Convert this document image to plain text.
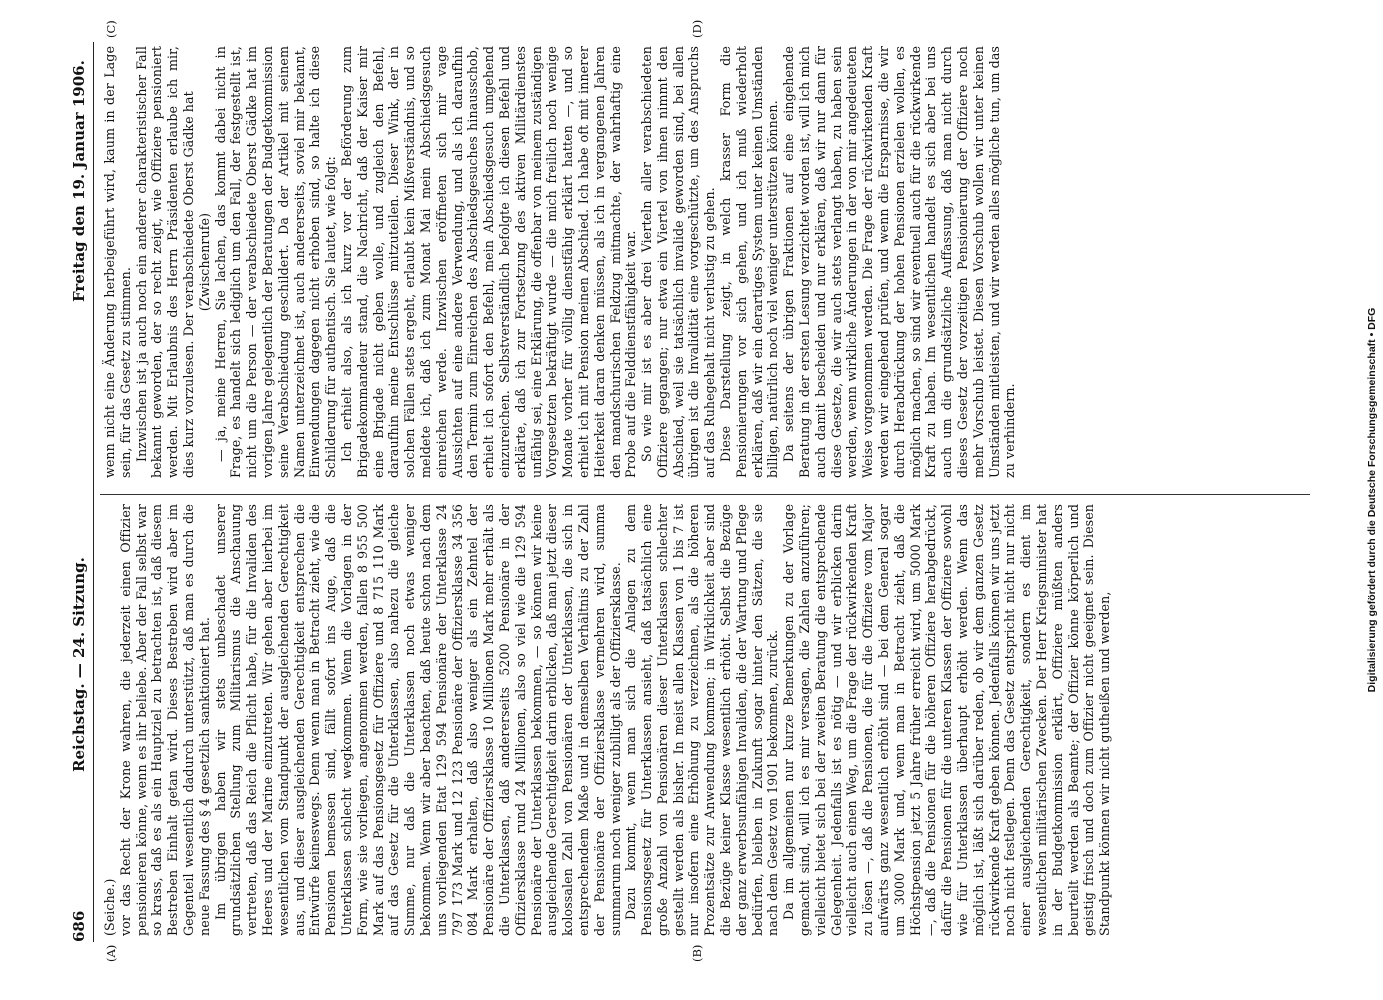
686
Reichstag. — 24. Sitzung.
Freitag den 19. Januar 1906.
(A)	(B)
(C)	(D)

(Seiche.) vor das Recht der Krone wahren, die jederzeit einen Offizier pensionieren könne, wenn es ihr beliebe. Aber der Fall selbst war so krass, daß es als ein Hauptziel zu betrachten ist, daß diesem Bestreben Einhalt getan wird. Dieses Bestreben wird aber im Gegenteil wesentlich dadurch unterstützt, daß man es durch die neue Fassung des § 4 gesetzlich sanktioniert hat. Im übrigen haben wir stets unbeschadet unserer grundsätzlichen Stellung zum Militarismus die Anschauung vertreten, daß das Reich die Pflicht habe, für die Invaliden des Heeres und der Marine einzutreten. Wir gehen aber hierbei im wesentlichen vom Standpunkt der ausgleichenden Gerechtigkeit aus, und dieser ausgleichenden Gerechtigkeit entsprechen die Entwürfe keineswegs. Denn wenn man in Betracht zieht, wie die Pensionen bemessen sind, fällt sofort ins Auge, daß die Unterklassen schlecht wegkommen. Wenn die Vorlagen in der Form, wie sie vorliegen, angenommen werden, fallen 8 955 500 Mark auf das Pensionsgesetz für Offiziere und 8 715 110 Mark auf das Gesetz für die Unterklassen, also nahezu die gleiche Summe, nur daß die Unterklassen noch etwas weniger bekommen. Wenn wir aber beachten, daß heute schon nach dem uns vorliegenden Etat 129 594 Pensionäre der Unterklasse 24 797 173 Mark und 12 123 Pensionäre der Offiziersklasse 34 356 084 Mark erhalten, daß also weniger als ein Zehntel der Pensionäre der Offiziersklasse 10 Millionen Mark mehr erhält als die Unterklassen, daß andererseits 5200 Pensionäre in der Offiziersklasse rund 24 Millionen, also so viel wie die 129 594 Pensionäre der Unterklassen bekommen, — so können wir keine ausgleichende Gerechtigkeit darin erblicken, daß man jetzt dieser kolossalen Zahl von Pensionären der Unterklassen, die sich in entsprechendem Maße und in demselben Verhältnis zu der Zahl der Pensionäre der Offiziersklasse vermehren wird, summa summarum noch weniger zubilligt als der Offiziersklasse. Dazu kommt, wenn man sich die Anlagen zu dem Pensionsgesetz für Unterklassen ansieht, daß tatsächlich eine große Anzahl von Pensionären dieser Unterklassen schlechter gestellt werden als bisher. In meist allen Klassen von 1 bis 7 ist nur insofern eine Erhöhung zu verzeichnen, als die höheren Prozentsätze zur Anwendung kommen; in Wirklichkeit aber sind die Bezüge keiner Klasse wesentlich erhöht. Selbst die Bezüge der ganz erwerbsunfähigen Invaliden, die der Wartung und Pflege bedürfen, bleiben in Zukunft sogar hinter den Sätzen, die sie nach dem Gesetz von 1901 bekommen, zurück. Da im allgemeinen nur kurze Bemerkungen zu der Vorlage gemacht sind, will ich es mir versagen, die Zahlen anzuführen; vielleicht bietet sich bei der zweiten Beratung die entsprechende Gelegenheit. Jedenfalls ist es nötig — und wir erblicken darin vielleicht auch einen Weg, um die Frage der rückwirkenden Kraft zu lösen —, daß die Pensionen, die für die Offiziere vom Major aufwärts ganz wesentlich erhöht sind — bei dem General sogar um 3000 Mark und, wenn man in Betracht zieht, daß die Höchstpension jetzt 5 Jahre früher erreicht wird, um 5000 Mark —, daß die Pensionen für die höheren Offiziere herabgedrückt, dafür die Pensionen für die unteren Klassen der Offiziere sowohl wie für Unterklassen überhaupt erhöht werden. Wenn das möglich ist, läßt sich darüber reden, ob wir dem ganzen Gesetz rückwirkende Kraft geben können. Jedenfalls können wir uns jetzt noch nicht festlegen. Denn das Gesetz entspricht nicht nur nicht einer ausgleichenden Gerechtigkeit, sondern es dient im wesentlichen militärischen Zwecken. Der Herr Kriegsminister hat in der Budgetkommission erklärt, Offiziere müßten anders beurteilt werden als Beamte; der Offizier könne körperlich und geistig frisch und doch zum Offizier nicht geeignet sein. Diesen Standpunkt können wir nicht gutheißen und werden,

wenn nicht eine Änderung herbeigeführt wird, kaum in der Lage sein, für das Gesetz zu stimmen. Inzwischen ist ja auch noch ein anderer charakteristischer Fall bekannt geworden, der so recht zeigt, wie Offiziere pensioniert werden. Mit Erlaubnis des Herrn Präsidenten erlaube ich mir, dies kurz vorzulesen. Der verabschiedete Oberst Gädke hat (Zwischenrufe) — ja, meine Herren, Sie lachen, das kommt dabei nicht in Frage, es handelt sich lediglich um den Fall, der festgestellt ist, nicht um die Person — der verabschiedete Oberst Gädke hat im vorigen Jahre gelegentlich der Beratungen der Budgetkommission seine Verabschiedung geschildert. Da der Artikel mit seinem Namen unterzeichnet ist, auch andererseits, soviel mir bekannt, Einwendungen dagegen nicht erhoben sind, so halte ich diese Schilderung für authentisch. Sie lautet, wie folgt: Ich erhielt also, als ich kurz vor der Beförderung zum Brigadekommandeur stand, die Nachricht, daß der Kaiser mir eine Brigade nicht geben wolle, und zugleich den Befehl, daraufhin meine Entschlüsse mitzuteilen. Dieser Wink, der in solchen Fällen stets ergeht, erlaubt kein Mißverständnis, und so meldete ich, daß ich zum Monat Mai mein Abschiedsgesuch einreichen werde. Inzwischen eröffneten sich mir vage Aussichten auf eine andere Verwendung, und als ich daraufhin den Termin zum Einreichen des Abschiedsgesuches hinausschob, erhielt ich sofort den Befehl, mein Abschiedsgesuch umgehend einzureichen. Selbstverständlich befolgte ich diesen Befehl und erklärte, daß ich zur Fortsetzung des aktiven Militärdienstes unfähig sei, eine Erklärung, die offenbar von meinem zuständigen Vorgesetzten bekräftigt wurde — die mich freilich noch wenige Monate vorher für völlig dienstfähig erklärt hatten —, und so erhielt ich mit Pension meinen Abschied. Ich habe oft mit innerer Heiterkeit daran denken müssen, als ich in vergangenen Jahren den mandschurischen Feldzug mitmachte, der wahrhaftig eine Probe auf die Felddienstfähigkeit war. So wie mir ist es aber drei Vierteln aller verabschiedeten Offiziere gegangen; nur etwa ein Viertel von ihnen nimmt den Abschied, weil sie tatsächlich invalide geworden sind, bei allen übrigen ist die Invalidität eine vorgeschützte, um des Anspruchs auf das Ruhegehalt nicht verlustig zu gehen. Diese Darstellung zeigt, in welch krasser Form die Pensionierungen vor sich gehen, und ich muß wiederholt erklären, daß wir ein derartiges System unter keinen Umständen billigen, natürlich noch viel weniger unterstützen können. Da seitens der übrigen Fraktionen auf eine eingehende Beratung in der ersten Lesung verzichtet worden ist, will ich mich auch damit bescheiden und nur erklären, daß wir nur dann für diese Gesetze, die wir auch stets verlangt haben, zu haben sein werden, wenn wirkliche Änderungen in der von mir angedeuteten Weise vorgenommen werden. Die Frage der rückwirkenden Kraft werden wir eingehend prüfen, und wenn die Ersparnisse, die wir durch Herabdrückung der hohen Pensionen erzielen wollen, es möglich machen, so sind wir eventuell auch für die rückwirkende Kraft zu haben. Im wesentlichen handelt es sich aber bei uns auch um die grundsätzliche Auffassung, daß man nicht durch dieses Gesetz der vorzeitigen Pensionierung der Offiziere noch mehr Vorschub leistet. Diesen Vorschub wollen wir unter keinen Umständen mitleisten, und wir werden alles mögliche tun, um das zu verhindern.	Digitalisierung gefördert durch die Deutsche Forschungsgemeinschaft • DFG
